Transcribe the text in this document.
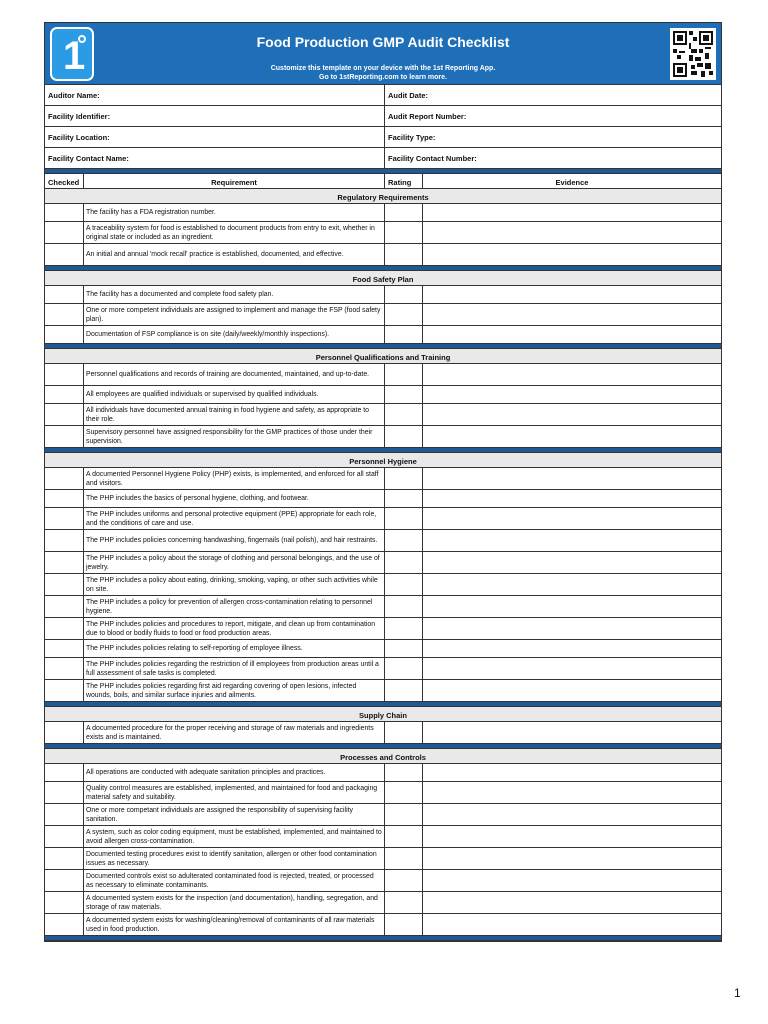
1	Food Production GMP Audit Checklist
Customize this template on your device with the 1st Reporting App.
Go to 1stReporting.com to learn more.
Auditor Name:	Audit Date:
Facility Identifier:	Audit Report Number:
Facility Location:	Facility Type:
Facility Contact Name:	Facility Contact Number:
Checked	Requirement	Rating	Evidence
Regulatory Requirements
The facility has a FDA registration number.
A traceability system for food is established to document products from entry to exit, whether in original state or included as an ingredient.
An initial and annual 'mock recall' practice is established, documented, and effective.
Food Safety Plan
The facility has a documented and complete food safety plan.
One or more competent individuals are assigned to implement and manage the FSP (food safety plan).
Documentation of FSP compliance is on site (daily/weekly/monthly inspections).
Personnel Qualifications and Training
Personnel qualifications and records of training are documented, maintained, and up-to-date.
All employees are qualified individuals or supervised by qualified individuals.
All individuals have documented annual training in food hygiene and safety, as appropriate to their role.
Supervisory personnel have assigned responsibility for the GMP practices of those under their supervision.
Personnel Hygiene
A documented Personnel Hygiene Policy (PHP) exists, is implemented, and enforced for all staff and visitors.
The PHP includes the basics of personal hygiene, clothing, and footwear.
The PHP includes uniforms and personal protective equipment (PPE) appropriate for each role, and the conditions of care and use.
The PHP includes policies concerning handwashing, fingernails (nail polish), and hair restraints.
The PHP includes a policy about the storage of clothing and personal belongings, and the use of jewelry.
The PHP includes a policy about eating, drinking, smoking, vaping, or other such activities while on site.
The PHP includes a policy for prevention of allergen cross-contamination relating to personnel hygiene.
The PHP includes policies and procedures to report, mitigate, and clean up from contamination due to blood or bodily fluids to food or food production areas.
The PHP includes policies relating to self-reporting of employee illness.
The PHP includes policies regarding the restriction of ill employees from production areas until a full assessment of safe tasks is completed.
The PHP includes policies regarding first aid regarding covering of open lesions, infected wounds, boils, and similar surface injuries and ailments.
Supply Chain
A documented procedure for the proper receiving and storage of raw materials and ingredients exists and is maintained.
Processes and Controls
All operations are conducted with adequate sanitation principles and practices.
Quality control measures are established, implemented, and maintained for food and packaging material safety and suitability.
One or more competant individuals are assigned the responsibility of supervising facility sanitation.
A system, such as color coding equipment, must be established, implemented, and maintained to avoid allergen cross-contamination.
Documented testing procedures exist to identify sanitation, allergen or other food contamination issues as necessary.
Documented controls exist so adulterated contaminated food is rejected, treated, or processed as necessary to eliminate contaminants.
A documented system exists for the inspection (and documentation), handling, segregation, and storage of raw materials.
A documented system exists for washing/cleaning/removal of contaminants of all raw materials used in food production.
1
